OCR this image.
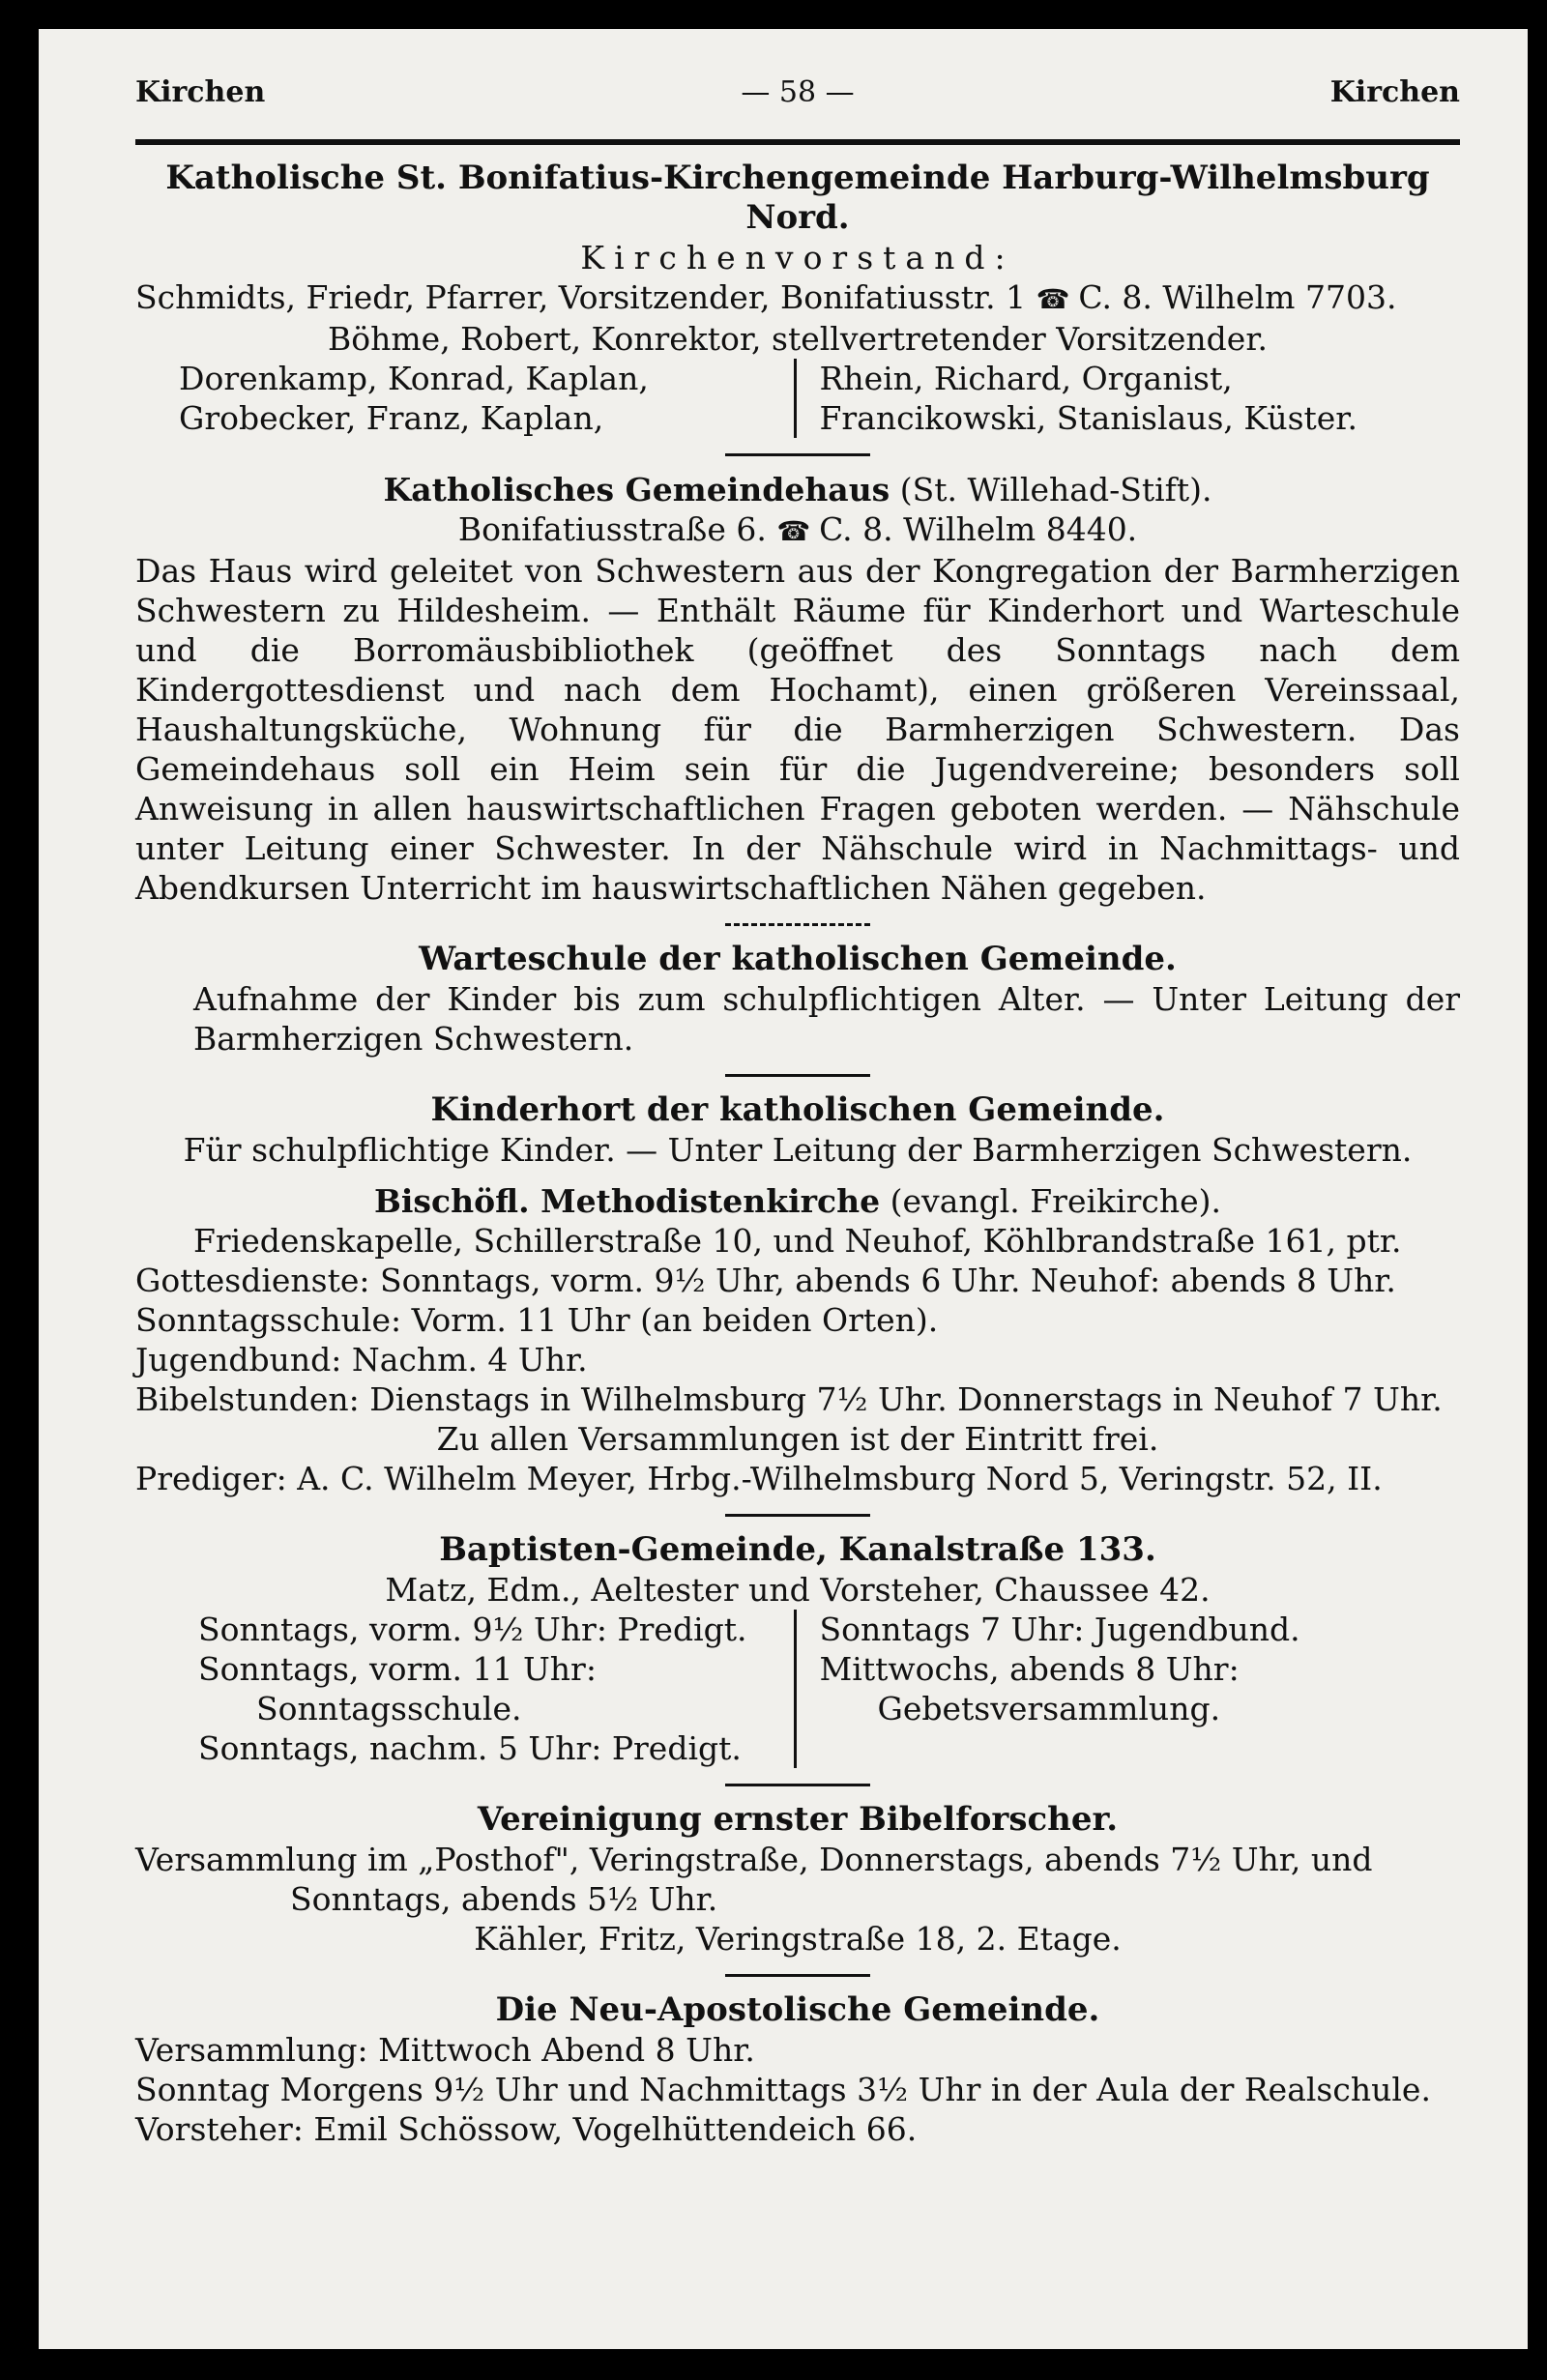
Kirchen	— 58 —	Kirchen
Katholische St. Bonifatius-Kirchengemeinde Harburg-Wilhelmsburg Nord.
Kirchenvorstand:
Schmidts, Friedr, Pfarrer, Vorsitzender, Bonifatiusstr. 1 ☎ C. 8. Wilhelm 7703.
Böhme, Robert, Konrektor, stellvertretender Vorsitzender.
Dorenkamp, Konrad, Kaplan,
Grobecker, Franz, Kaplan,
Rhein, Richard, Organist,
Francikowski, Stanislaus, Küster.
Katholisches Gemeindehaus (St. Willehad-Stift).
Bonifatiusstraße 6. ☎ C. 8. Wilhelm 8440.

Das Haus wird geleitet von Schwestern aus der Kongregation der Barmherzigen Schwestern zu Hildesheim. — Enthält Räume für Kinderhort und Warteschule und die Borromäusbibliothek (geöffnet des Sonntags nach dem Kindergottesdienst und nach dem Hochamt), einen größeren Vereinssaal, Haushaltungsküche, Wohnung für die Barmherzigen Schwestern. Das Gemeindehaus soll ein Heim sein für die Jugendvereine; besonders soll Anweisung in allen hauswirtschaftlichen Fragen geboten werden. — Nähschule unter Leitung einer Schwester. In der Nähschule wird in Nachmittags- und Abendkursen Unterricht im hauswirtschaftlichen Nähen gegeben.

Warteschule der katholischen Gemeinde.

Aufnahme der Kinder bis zum schulpflichtigen Alter. — Unter Leitung der Barmherzigen Schwestern.

Kinderhort der katholischen Gemeinde.
Für schulpflichtige Kinder. — Unter Leitung der Barmherzigen Schwestern.
Bischöfl. Methodistenkirche (evangl. Freikirche).
Friedenskapelle, Schillerstraße 10, und Neuhof, Köhlbrandstraße 161, ptr.
Gottesdienste: Sonntags, vorm. 9½ Uhr, abends 6 Uhr. Neuhof: abends 8 Uhr.
Sonntagsschule: Vorm. 11 Uhr (an beiden Orten).
Jugendbund: Nachm. 4 Uhr.
Bibelstunden: Dienstags in Wilhelmsburg 7½ Uhr. Donnerstags in Neuhof 7 Uhr.
Zu allen Versammlungen ist der Eintritt frei.
Prediger: A. C. Wilhelm Meyer, Hrbg.-Wilhelmsburg Nord 5, Veringstr. 52, II.
Baptisten-Gemeinde, Kanalstraße 133.
Matz, Edm., Aeltester und Vorsteher, Chaussee 42.
Sonntags, vorm. 9½ Uhr: Predigt.
Sonntags, vorm. 11 Uhr: Sonntagsschule.
Sonntags, nachm. 5 Uhr: Predigt.
Sonntags 7 Uhr: Jugendbund.
Mittwochs, abends 8 Uhr: Gebetsversammlung.
Vereinigung ernster Bibelforscher.
Versammlung im „Posthof", Veringstraße, Donnerstags, abends 7½ Uhr, und Sonntags, abends 5½ Uhr.
Kähler, Fritz, Veringstraße 18, 2. Etage.
Die Neu-Apostolische Gemeinde.
Versammlung: Mittwoch Abend 8 Uhr.
Sonntag Morgens 9½ Uhr und Nachmittags 3½ Uhr in der Aula der Realschule.
Vorsteher: Emil Schössow, Vogelhüttendeich 66.
